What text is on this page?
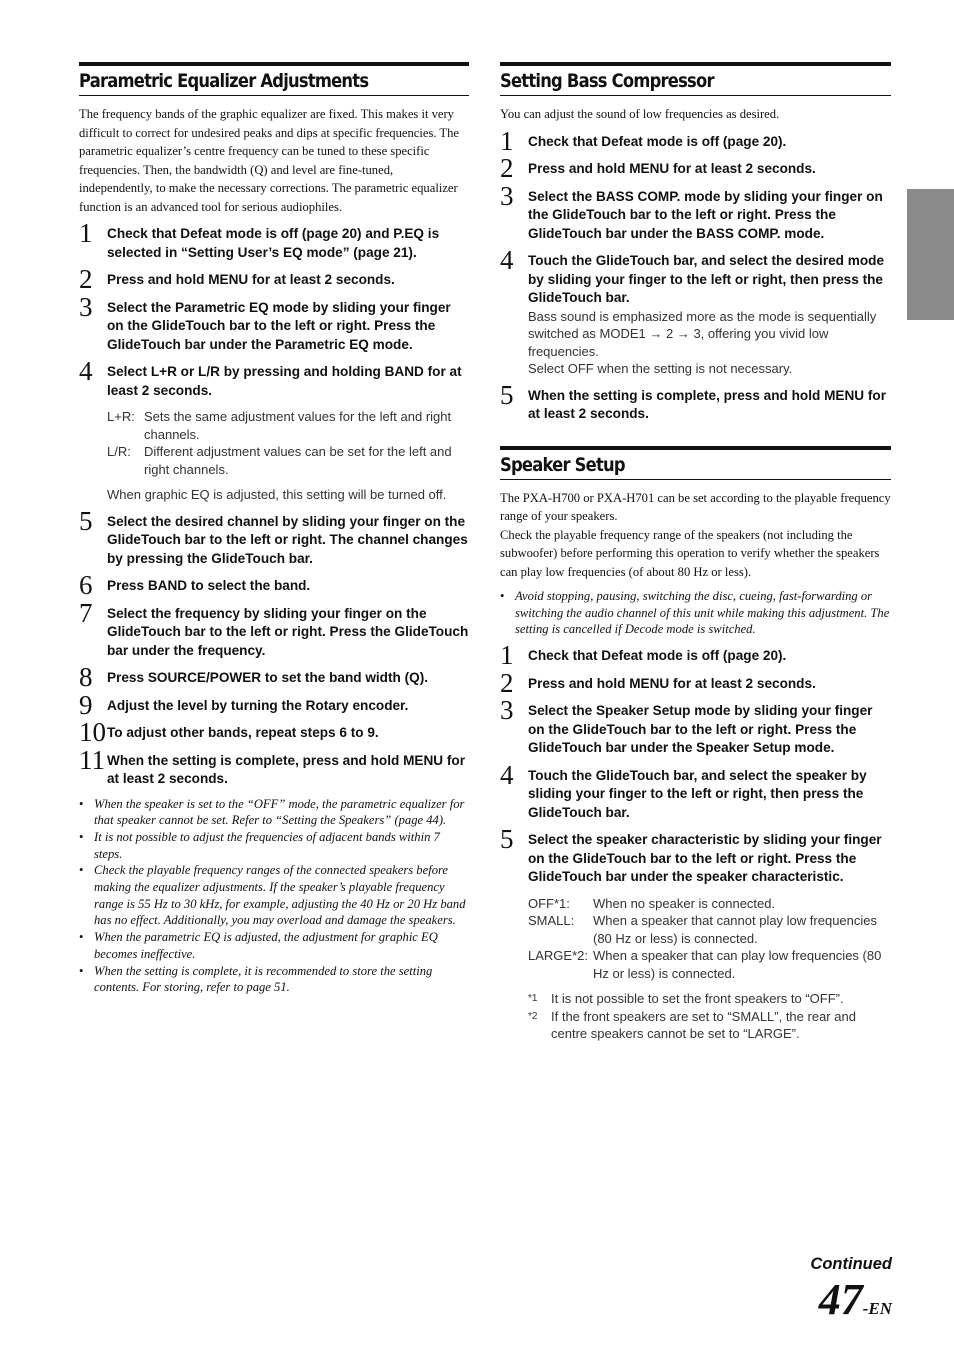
Parametric Equalizer Adjustments

The frequency bands of the graphic equalizer are fixed. This makes it very difficult to correct for undesired peaks and dips at specific frequencies. The parametric equalizer’s centre frequency can be tuned to these specific frequencies. Then, the bandwidth (Q) and level are fine-tuned, independently, to make the necessary corrections. The parametric equalizer function is an advanced tool for serious audiophiles.

1 Check that Defeat mode is off (page 20) and P.EQ is selected in “Setting User’s EQ mode” (page 21).
2 Press and hold MENU for at least 2 seconds.
3 Select the Parametric EQ mode by sliding your finger on the GlideTouch bar to the left or right. Press the GlideTouch bar under the Parametric EQ mode.
4 Select L+R or L/R by pressing and holding BAND for at least 2 seconds.
L+R: Sets the same adjustment values for the left and right channels.
L/R:	Different adjustment values can be set for the left and right channels.
When graphic EQ is adjusted, this setting will be turned off.
5 Select the desired channel by sliding your finger on the GlideTouch bar to the left or right. The channel changes by pressing the GlideTouch bar.
6 Press BAND to select the band.
7 Select the frequency by sliding your finger on the GlideTouch bar to the left or right. Press the GlideTouch bar under the frequency.
8 Press SOURCE/POWER to set the band width (Q).
9 Adjust the level by turning the Rotary encoder.
10 To adjust other bands, repeat steps 6 to 9.
11 When the setting is complete, press and hold MENU for at least 2 seconds.
• When the speaker is set to the “OFF” mode, the parametric equalizer for that speaker cannot be set. Refer to “Setting the Speakers” (page 44).
• It is not possible to adjust the frequencies of adjacent bands within 7 steps.
• Check the playable frequency ranges of the connected speakers before making the equalizer adjustments. If the speaker’s playable frequency range is 55 Hz to 30 kHz, for example, adjusting the 40 Hz or 20 Hz band has no effect. Additionally, you may overload and damage the speakers.
• When the parametric EQ is adjusted, the adjustment for graphic EQ becomes ineffective.
• When the setting is complete, it is recommended to store the setting contents. For storing, refer to page 51.
Setting Bass Compressor

You can adjust the sound of low frequencies as desired.

1 Check that Defeat mode is off (page 20).
2 Press and hold MENU for at least 2 seconds.
3 Select the BASS COMP. mode by sliding your finger on the GlideTouch bar to the left or right. Press the GlideTouch bar under the BASS COMP. mode.
4 Touch the GlideTouch bar, and select the desired mode by sliding your finger to the left or right, then press the GlideTouch bar.
Bass sound is emphasized more as the mode is sequentially switched as MODE1 → 2 → 3, offering you vivid low frequencies.
Select OFF when the setting is not necessary.
5 When the setting is complete, press and hold MENU for at least 2 seconds.
Speaker Setup

The PXA-H700 or PXA-H701 can be set according to the playable frequency range of your speakers.

Check the playable frequency range of the speakers (not including the subwoofer) before performing this operation to verify whether the speakers can play low frequencies (of about 80 Hz or less).

• Avoid stopping, pausing, switching the disc, cueing, fast-forwarding or switching the audio channel of this unit while making this adjustment. The setting is cancelled if Decode mode is switched.
1 Check that Defeat mode is off (page 20).
2 Press and hold MENU for at least 2 seconds.
3 Select the Speaker Setup mode by sliding your finger on the GlideTouch bar to the left or right. Press the GlideTouch bar under the Speaker Setup mode.
4 Touch the GlideTouch bar, and select the speaker by sliding your finger to the left or right, then press the GlideTouch bar.
5 Select the speaker characteristic by sliding your finger on the GlideTouch bar to the left or right. Press the GlideTouch bar under the speaker characteristic.
OFF*1:	When no speaker is connected.
SMALL:	When a speaker that cannot play low frequencies (80 Hz or less) is connected.
LARGE*2: When a speaker that can play low frequencies (80 Hz or less) is connected.
*1	It is not possible to set the front speakers to “OFF”.
*2	If the front speakers are set to “SMALL”, the rear and centre speakers cannot be set to “LARGE”.
Continued
47-EN
